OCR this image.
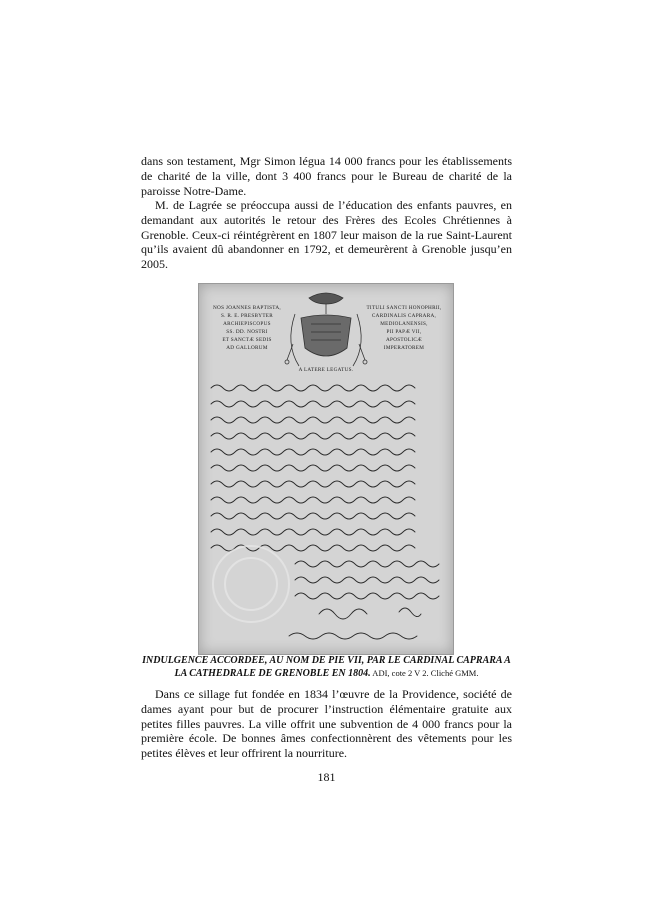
dans son testament, Mgr Simon légua 14 000 francs pour les établissements de charité de la ville, dont 3 400 francs pour le Bureau de charité de la paroisse Notre-Dame.

M. de Lagrée se préoccupa aussi de l’éducation des enfants pauvres, en demandant aux autorités le retour des Frères des Ecoles Chrétiennes à Grenoble. Ceux-ci réintégrèrent en 1807 leur maison de la rue Saint-Laurent qu’ils avaient dû abandonner en 1792, et demeurèrent à Grenoble jusqu’en 2005.

NOS JOANNES BAPTISTA,
S. R. E. PRESBYTER
ARCHIEPISCOPUS
SS. DD. NOSTRI
ET SANCTÆ SEDIS
AD GALLORUM
TITULI SANCTI HONOPHRII,
CARDINALIS CAPRARA,
MEDIOLANENSIS,
PII PAPÆ VII,
APOSTOLICÆ
IMPERATOREM
A LATERE LEGATUS.
INDULGENCE ACCORDEE, AU NOM DE PIE VII, PAR LE CARDINAL CAPRARA A
LA CATHEDRALE DE GRENOBLE EN 1804. ADI, cote 2 V 2. Cliché GMM.

Dans ce sillage fut fondée en 1834 l’œuvre de la Providence, société de dames ayant pour but de procurer l’instruction élémentaire gratuite aux petites filles pauvres. La ville offrit une subvention de 4 000 francs pour la première école. De bonnes âmes confectionnèrent des vêtements pour les petites élèves et leur offrirent la nourriture.

181
